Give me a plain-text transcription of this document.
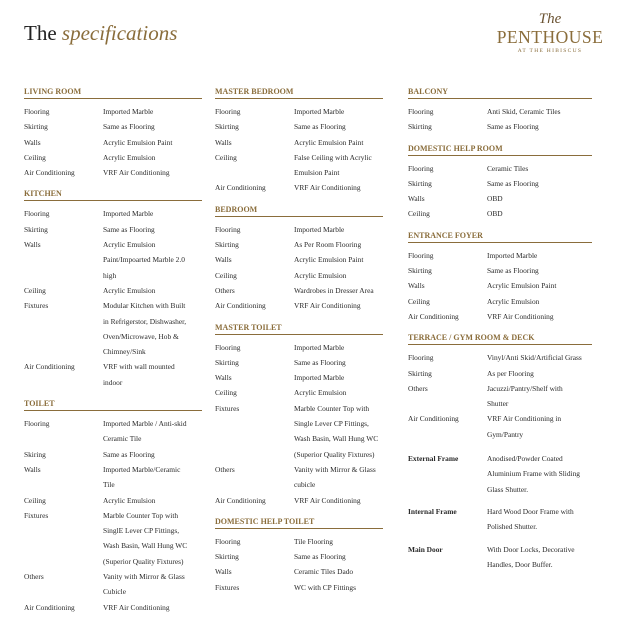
The specifications
The
PENTHOUSE
AT THE HIBISCUS
LIVING ROOM
Flooring	Imported Marble
Skirting	Same as Flooring
Walls	Acrylic Emulsion Paint
Ceiling	Acrylic Emulsion
Air Conditioning	VRF Air Conditioning
KITCHEN
Flooring	Imported Marble
Skirting	Same as Flooring
Walls	Acrylic Emulsion
Paint/Impoarted Marble 2.0
high
Ceiling	Acrylic Emulsion
Fixtures	Modular Kitchen with Built
in Refrigerstor, Dishwasher,
Oven/Microwave, Hob &
Chimney/Sink
Air Conditioning	VRF with wall mounted
indoor
TOILET
Flooring	Imported Marble / Anti-skid
Ceramic Tile
Skiring	Same as Flooring
Walls	Imported Marble/Ceramic
Tile
Ceiling	Acrylic Emulsion
Fixtures	Marble Counter Top with
SinglE Lever CP Fittings,
Wash Basin, Wall Hung WC
(Superior Quality Fixtures)
Others	Vanity with Mirror & Glass
Cubicle
Air Conditioning	VRF Air Conditioning
MASTER BEDROOM
Flooring	Imported Marble
Skirting	Same as Flooring
Walls	Acrylic Emulsion Paint
Ceiling	False Ceiling with Acrylic
Emulsion Paint
Air Conditioning	VRF Air Conditioning
BEDROOM
Flooring	Imported Marble
Skirting	As Per Room Flooring
Walls	Acrylic Emulsion Paint
Ceiling	Acrylic Emulsion
Others	Wardrobes in Dresser Area
Air Conditioning	VRF Air Conditioning
MASTER TOILET
Flooring	Imported Marble
Skirting	Same as Flooring
Walls	Imported Marble
Ceiling	Acrylic Emulsion
Fixtures	Marble Counter Top with
Single Lever CP Fittings,
Wash Basin, Wall Hung WC
(Superior Quality Fixtures)
Others	Vanity with Mirror & Glass
cubicle
Air Conditioning	VRF Air Conditioning
DOMESTIC HELP TOILET
Flooring	Tile Flooring
Skirting	Same as Flooring
Walls	Ceramic Tiles Dado
Fixtures	WC with CP Fittings
BALCONY
Flooring	Anti Skid, Ceramic Tiles
Skirting	Same as Flooring
DOMESTIC HELP ROOM
Flooring	Ceramic Tiles
Skirting	Same as Flooring
Walls	OBD
Ceiling	OBD
ENTRANCE FOYER
Flooring	Imported Marble
Skirting	Same as Flooring
Walls	Acrylic Emulsion Paint
Ceiling	Acrylic Emulsion
Air Conditioning	VRF Air Conditioning
TERRACE / GYM ROOM & DECK
Flooring	Vinyl/Anti Skid/Artificial Grass
Skirting	As per Flooring
Others	Jacuzzi/Pantry/Shelf with
Shutter
Air Conditioning	VRF Air Conditioning in
Gym/Pantry
External Frame	Anodised/Powder Coated
Aluminium Frame with Sliding
Glass Shutter.
Internal Frame	Hard Wood Door Frame with
Polished Shutter.
Main Door	With Door Locks, Decorative
Handles, Door Buffer.
